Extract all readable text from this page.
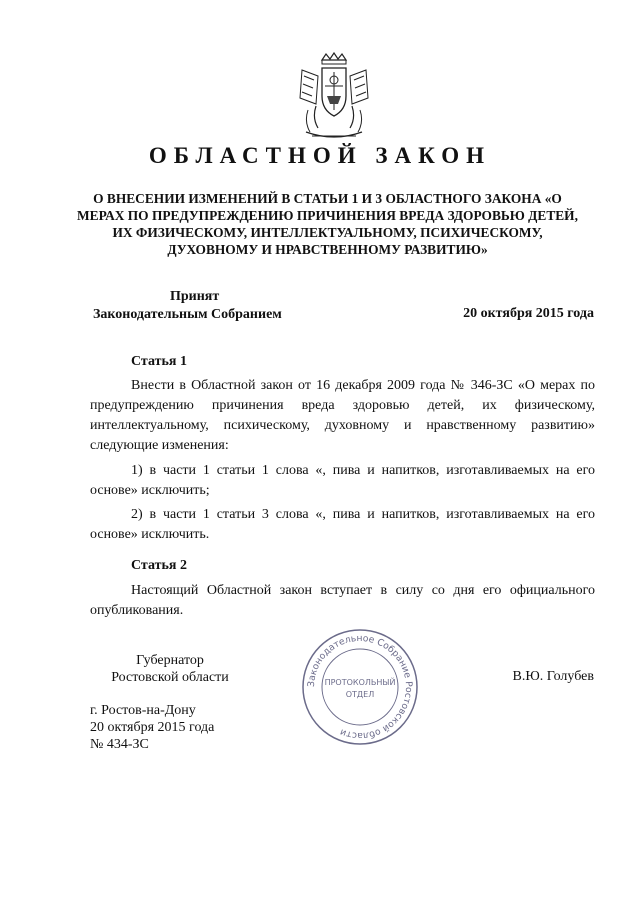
ОБЛАСТНОЙ ЗАКОН
О ВНЕСЕНИИ ИЗМЕНЕНИЙ В СТАТЬИ 1 И 3 ОБЛАСТНОГО ЗАКОНА «О
МЕРАХ ПО ПРЕДУПРЕЖДЕНИЮ ПРИЧИНЕНИЯ ВРЕДА ЗДОРОВЬЮ ДЕТЕЙ,
ИХ ФИЗИЧЕСКОМУ, ИНТЕЛЛЕКТУАЛЬНОМУ, ПСИХИЧЕСКОМУ,
ДУХОВНОМУ И НРАВСТВЕННОМУ РАЗВИТИЮ»
Принят
Законодательным Собранием	20 октября 2015 года
Статья 1
Внести в Областной закон от 16 декабря 2009 года № 346-ЗС «О мерах по предупреждению причинения вреда здоровью детей, их физическому, интеллектуальному, психическому, духовному и нравственному развитию» следующие изменения:
1) в части 1 статьи 1 слова «, пива и напитков, изготавливаемых на его основе» исключить;
2) в части 1 статьи 3 слова «, пива и напитков, изготавливаемых на его основе» исключить.
Статья 2
Настоящий Областной закон вступает в силу со дня его официального опубликования.
Губернатор
Ростовской области	В.Ю. Голубев
г. Ростов-на-Дону
20 октября 2015 года
№ 434-ЗС
Законодательное Собрание Ростовской области
ПРОТОКОЛЬНЫЙ
ОТДЕЛ
